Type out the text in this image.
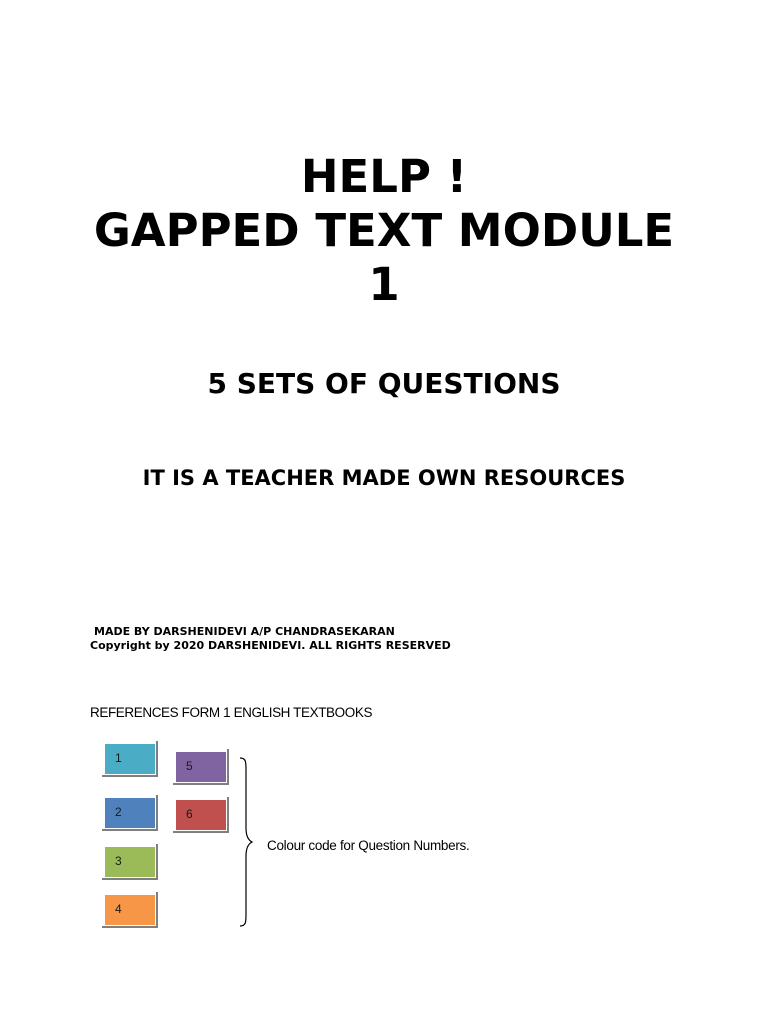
HELP !
GAPPED TEXT MODULE
1
5 SETS OF QUESTIONS
IT IS A TEACHER MADE OWN RESOURCES
MADE BY DARSHENIDEVI A/P CHANDRASEKARAN
Copyright by 2020 DARSHENIDEVI. ALL RIGHTS RESERVED
REFERENCES FORM 1 ENGLISH TEXTBOOKS
1
2
3
4
5
6
Colour code for Question Numbers.
